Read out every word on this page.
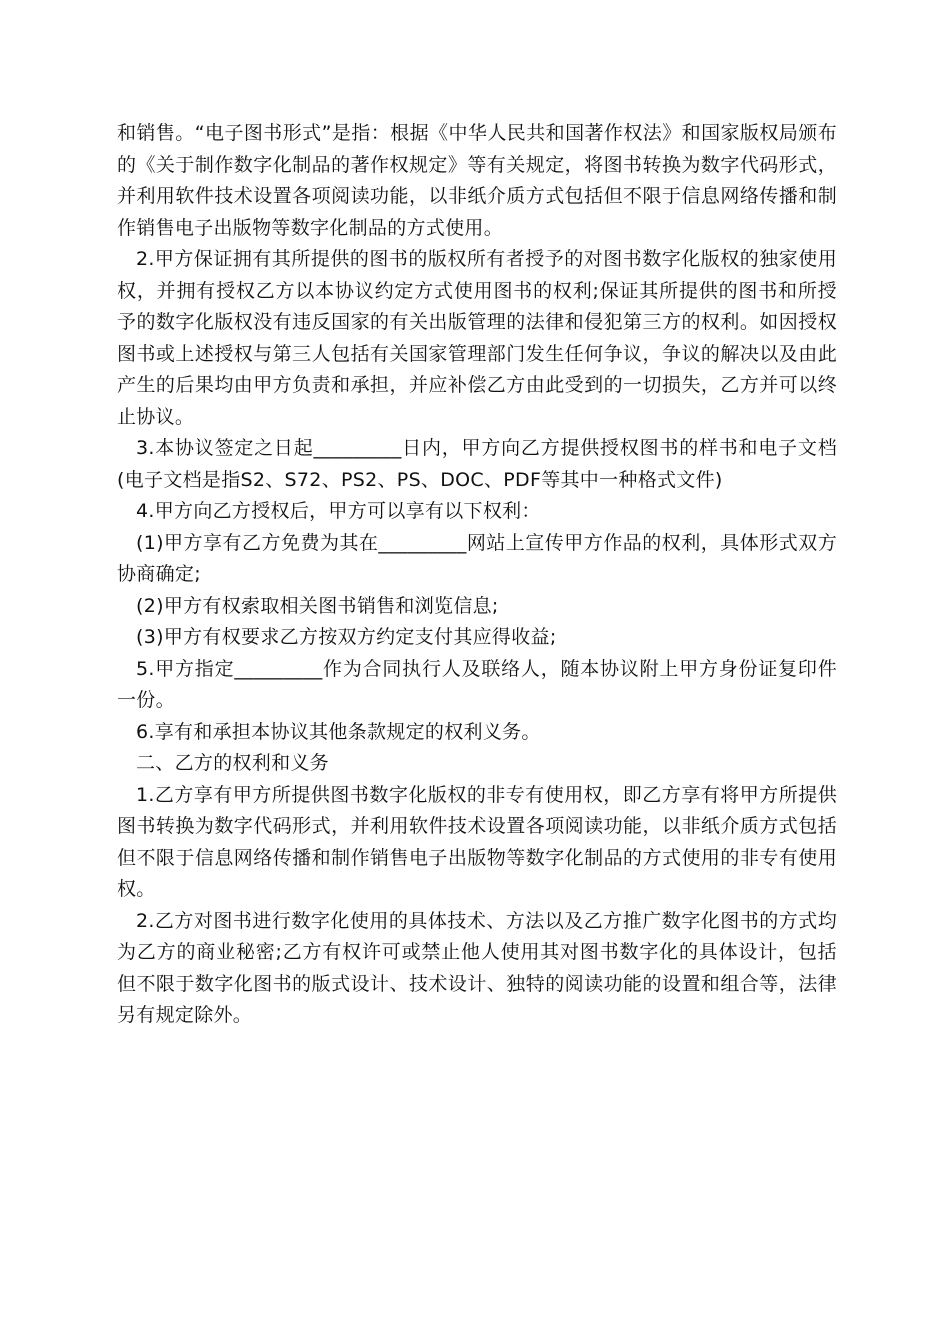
和销售。“电子图书形式”是指：根据《中华人民共和国著作权法》和国家版权局颁布的《关于制作数字化制品的著作权规定》等有关规定，将图书转换为数字代码形式，并利用软件技术设置各项阅读功能，以非纸介质方式包括但不限于信息网络传播和制作销售电子出版物等数字化制品的方式使用。

2.甲方保证拥有其所提供的图书的版权所有者授予的对图书数字化版权的独家使用权，并拥有授权乙方以本协议约定方式使用图书的权利;保证其所提供的图书和所授予的数字化版权没有违反国家的有关出版管理的法律和侵犯第三方的权利。如因授权图书或上述授权与第三人包括有关国家管理部门发生任何争议，争议的解决以及由此产生的后果均由甲方负责和承担，并应补偿乙方由此受到的一切损失，乙方并可以终止协议。

3.本协议签定之日起_________日内，甲方向乙方提供授权图书的样书和电子文档(电子文档是指S2、S72、PS2、PS、DOC、PDF等其中一种格式文件)

4.甲方向乙方授权后，甲方可以享有以下权利：

(1)甲方享有乙方免费为其在_________网站上宣传甲方作品的权利，具体形式双方协商确定;

(2)甲方有权索取相关图书销售和浏览信息;

(3)甲方有权要求乙方按双方约定支付其应得收益;

5.甲方指定_________作为合同执行人及联络人，随本协议附上甲方身份证复印件一份。

6.享有和承担本协议其他条款规定的权利义务。

二、乙方的权利和义务

1.乙方享有甲方所提供图书数字化版权的非专有使用权，即乙方享有将甲方所提供图书转换为数字代码形式，并利用软件技术设置各项阅读功能，以非纸介质方式包括但不限于信息网络传播和制作销售电子出版物等数字化制品的方式使用的非专有使用权。

2.乙方对图书进行数字化使用的具体技术、方法以及乙方推广数字化图书的方式均为乙方的商业秘密;乙方有权许可或禁止他人使用其对图书数字化的具体设计，包括但不限于数字化图书的版式设计、技术设计、独特的阅读功能的设置和组合等，法律另有规定除外。
